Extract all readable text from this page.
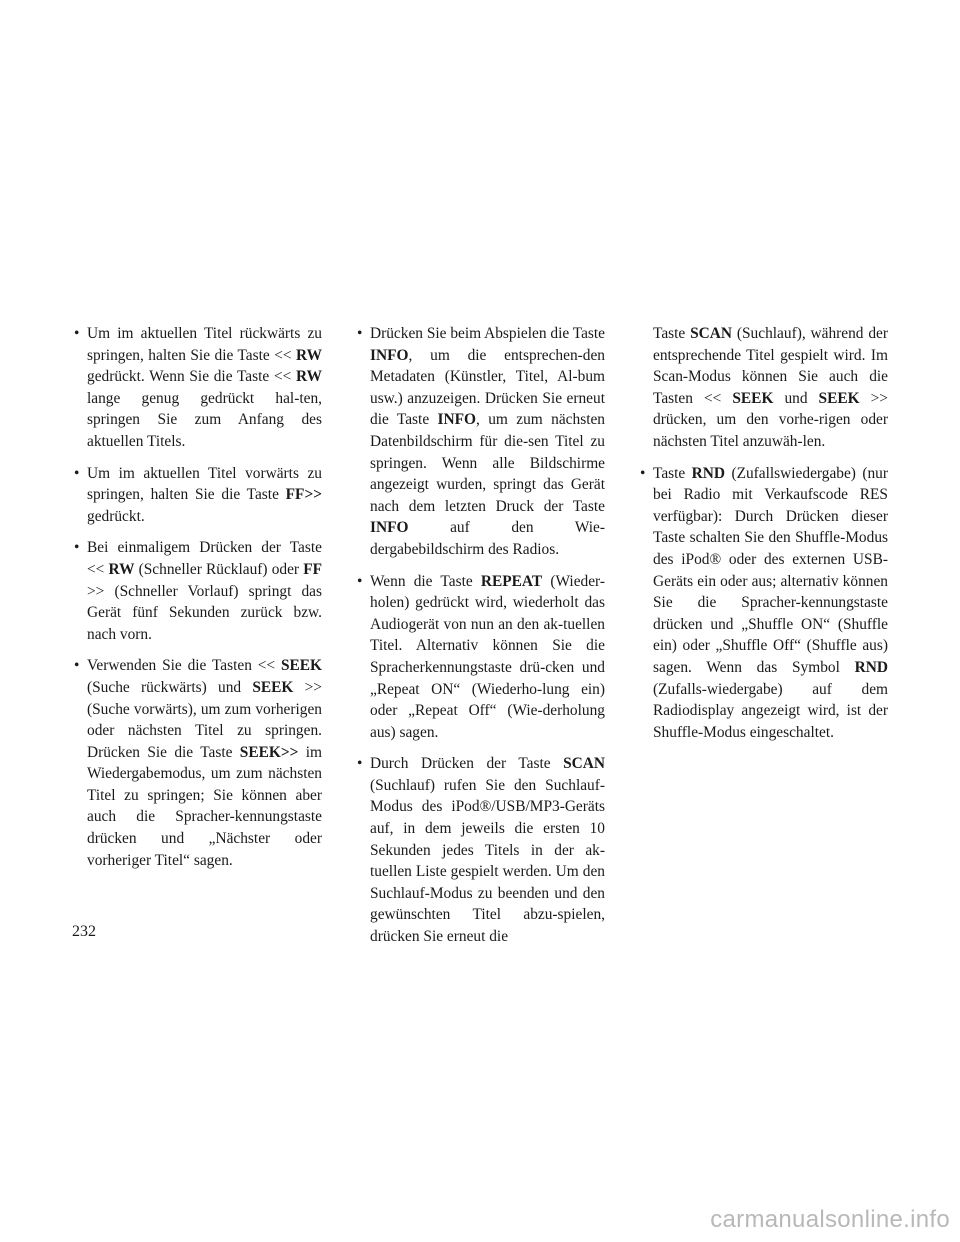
• Um im aktuellen Titel rückwärts zu springen, halten Sie die Taste << RW gedrückt. Wenn Sie die Taste << RW lange genug gedrückt hal-ten, springen Sie zum Anfang des aktuellen Titels.
• Um im aktuellen Titel vorwärts zu springen, halten Sie die Taste FF>> gedrückt.
• Bei einmaligem Drücken der Taste << RW (Schneller Rücklauf) oder FF >> (Schneller Vorlauf) springt das Gerät fünf Sekunden zurück bzw. nach vorn.
• Verwenden Sie die Tasten << SEEK (Suche rückwärts) und SEEK >> (Suche vorwärts), um zum vorherigen oder nächsten Titel zu springen. Drücken Sie die Taste SEEK>> im Wiedergabemodus, um zum nächsten Titel zu springen; Sie können aber auch die Spracher-kennungstaste drücken und „Nächster oder vorheriger Titel“ sagen.
• Drücken Sie beim Abspielen die Taste INFO, um die entsprechen-den Metadaten (Künstler, Titel, Al-bum usw.) anzuzeigen. Drücken Sie erneut die Taste INFO, um zum nächsten Datenbildschirm für die-sen Titel zu springen. Wenn alle Bildschirme angezeigt wurden, springt das Gerät nach dem letzten Druck der Taste INFO auf den Wie-dergabebildschirm des Radios.
• Wenn die Taste REPEAT (Wieder-holen) gedrückt wird, wiederholt das Audiogerät von nun an den ak-tuellen Titel. Alternativ können Sie die Spracherkennungstaste drü-cken und „Repeat ON“ (Wiederho-lung ein) oder „Repeat Off“ (Wie-derholung aus) sagen.
• Durch Drücken der Taste SCAN (Suchlauf) rufen Sie den Suchlauf-Modus des iPod®/USB/MP3-Geräts auf, in dem jeweils die ersten 10 Sekunden jedes Titels in der ak-tuellen Liste gespielt werden. Um den Suchlauf-Modus zu beenden und den gewünschten Titel abzu-spielen, drücken Sie erneut die
Taste SCAN (Suchlauf), während der entsprechende Titel gespielt wird. Im Scan-Modus können Sie auch die Tasten << SEEK und SEEK >> drücken, um den vorhe-rigen oder nächsten Titel anzuwäh-len.
• Taste RND (Zufallswiedergabe) (nur bei Radio mit Verkaufscode RES verfügbar): Durch Drücken dieser Taste schalten Sie den Shuffle-Modus des iPod® oder des externen USB-Geräts ein oder aus; alternativ können Sie die Spracher-kennungstaste drücken und „Shuffle ON“ (Shuffle ein) oder „Shuffle Off“ (Shuffle aus) sagen. Wenn das Symbol RND (Zufalls-wiedergabe) auf dem Radiodisplay angezeigt wird, ist der Shuffle-Modus eingeschaltet.
232
carmanualsonline.info
